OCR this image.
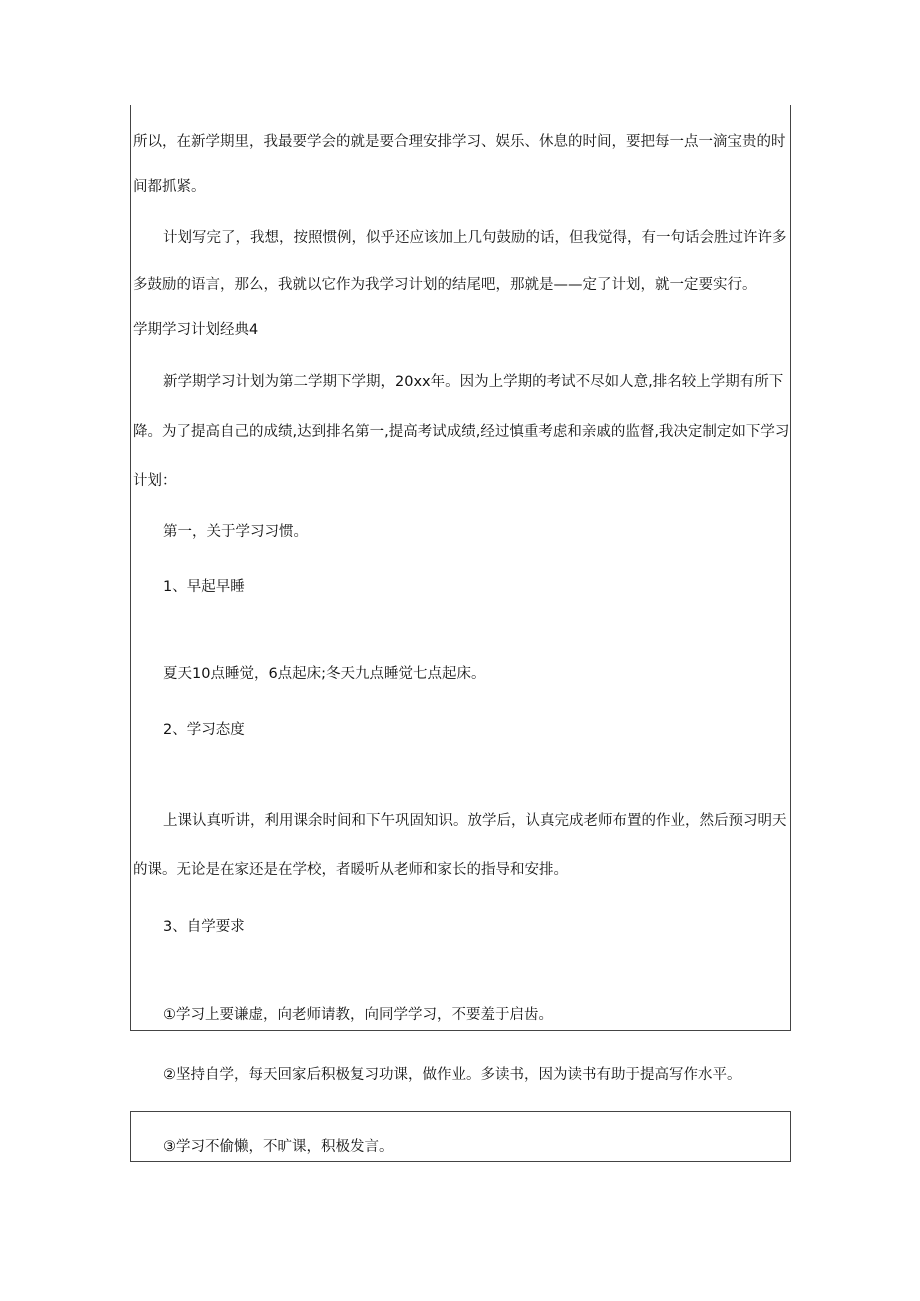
所以，在新学期里，我最要学会的就是要合理安排学习、娱乐、休息的时间，要把每一点一滴宝贵的时
间都抓紧。
计划写完了，我想，按照惯例，似乎还应该加上几句鼓励的话，但我觉得，有一句话会胜过许许多
多鼓励的语言，那么，我就以它作为我学习计划的结尾吧，那就是——定了计划，就一定要实行。
学期学习计划经典4
新学期学习计划为第二学期下学期，20xx年。因为上学期的考试不尽如人意,排名较上学期有所下
降。为了提高自己的成绩,达到排名第一,提高考试成绩,经过慎重考虑和亲戚的监督,我决定制定如下学习
计划：
第一，关于学习习惯。
1、早起早睡
夏天10点睡觉，6点起床;冬天九点睡觉七点起床。
2、学习态度
上课认真听讲，利用课余时间和下午巩固知识。放学后，认真完成老师布置的作业，然后预习明天
的课。无论是在家还是在学校，者暖听从老师和家长的指导和安排。
3、自学要求
①学习上要谦虚，向老师请教，向同学学习，不要羞于启齿。
②坚持自学，每天回家后积极复习功课，做作业。多读书，因为读书有助于提高写作水平。
③学习不偷懒，不旷课，积极发言。
